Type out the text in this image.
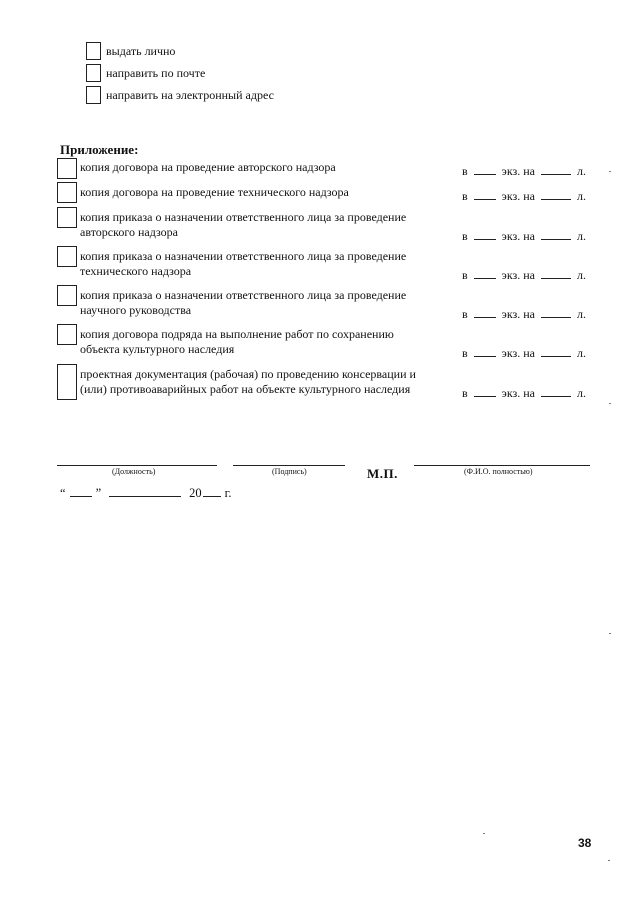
выдать лично
направить по почте
направить на электронный адрес
Приложение:
копия договора на проведение авторского надзора	в	экз. на	л.
копия договора на проведение технического надзора	в	экз. на	л.
копия приказа о назначении ответственного лица за проведение
авторского надзора	в	экз. на	л.
копия приказа о назначении ответственного лица за проведение
технического надзора	в	экз. на	л.
копия приказа о назначении ответственного лица за проведение
научного руководства	в	экз. на	л.
копия договора подряда на выполнение работ по сохранению
объекта культурного наследия	в	экз. на	л.
проектная документация (рабочая) по проведению консервации и
(или) противоаварийных работ на объекте культурного наследия	в	экз. на	л.
(Должность)	(Подпись)	М.П.	(Ф.И.О. полностью)
“ ”	20 г.
38
